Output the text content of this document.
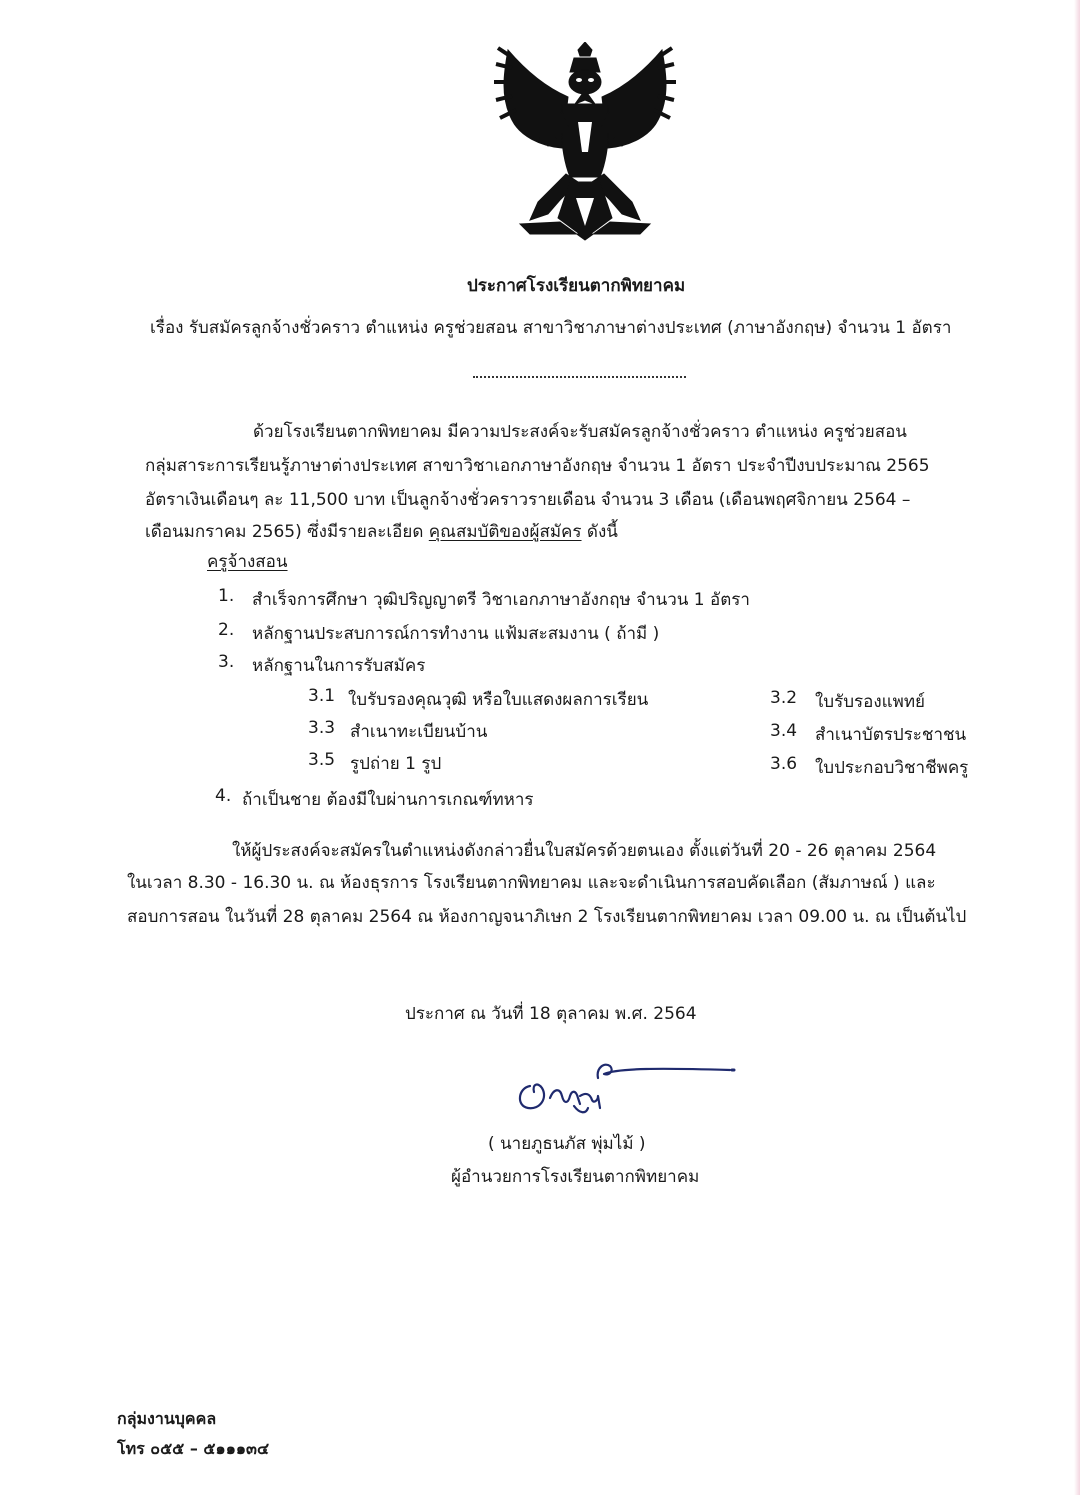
ประกาศโรงเรียนตากพิทยาคม
เรื่อง รับสมัครลูกจ้างชั่วคราว ตำแหน่ง ครูช่วยสอน สาขาวิชาภาษาต่างประเทศ (ภาษาอังกฤษ) จำนวน 1 อัตรา
ด้วยโรงเรียนตากพิทยาคม มีความประสงค์จะรับสมัครลูกจ้างชั่วคราว ตำแหน่ง ครูช่วยสอน
กลุ่มสาระการเรียนรู้ภาษาต่างประเทศ สาขาวิชาเอกภาษาอังกฤษ จำนวน 1 อัตรา ประจำปีงบประมาณ 2565
อัตราเงินเดือนๆ ละ 11,500 บาท เป็นลูกจ้างชั่วคราวรายเดือน จำนวน 3 เดือน (เดือนพฤศจิกายน 2564 –
เดือนมกราคม 2565) ซึ่งมีรายละเอียด คุณสมบัติของผู้สมัคร ดังนี้
ครูจ้างสอน
1. สำเร็จการศึกษา วุฒิปริญญาตรี วิชาเอกภาษาอังกฤษ จำนวน 1 อัตรา
2. หลักฐานประสบการณ์การทำงาน แฟ้มสะสมงาน ( ถ้ามี )
3. หลักฐานในการรับสมัคร
3.1 ใบรับรองคุณวุฒิ หรือใบแสดงผลการเรียน	3.2 ใบรับรองแพทย์
3.3 สำเนาทะเบียนบ้าน	3.4 สำเนาบัตรประชาชน
3.5 รูปถ่าย 1 รูป	3.6 ใบประกอบวิชาชีพครู
4. ถ้าเป็นชาย ต้องมีใบผ่านการเกณฑ์ทหาร
ให้ผู้ประสงค์จะสมัครในตำแหน่งดังกล่าวยื่นใบสมัครด้วยตนเอง ตั้งแต่วันที่ 20 - 26 ตุลาคม 2564
ในเวลา 8.30 - 16.30 น. ณ ห้องธุรการ โรงเรียนตากพิทยาคม และจะดำเนินการสอบคัดเลือก (สัมภาษณ์ ) และ
สอบการสอน ในวันที่ 28 ตุลาคม 2564 ณ ห้องกาญจนาภิเษก 2 โรงเรียนตากพิทยาคม เวลา 09.00 น. ณ เป็นต้นไป
ประกาศ ณ วันที่ 18 ตุลาคม พ.ศ. 2564
( นายภูธนภัส พุ่มไม้ )
ผู้อำนวยการโรงเรียนตากพิทยาคม
กลุ่มงานบุคคล
โทร ๐๕๕ – ๕๑๑๑๓๔
